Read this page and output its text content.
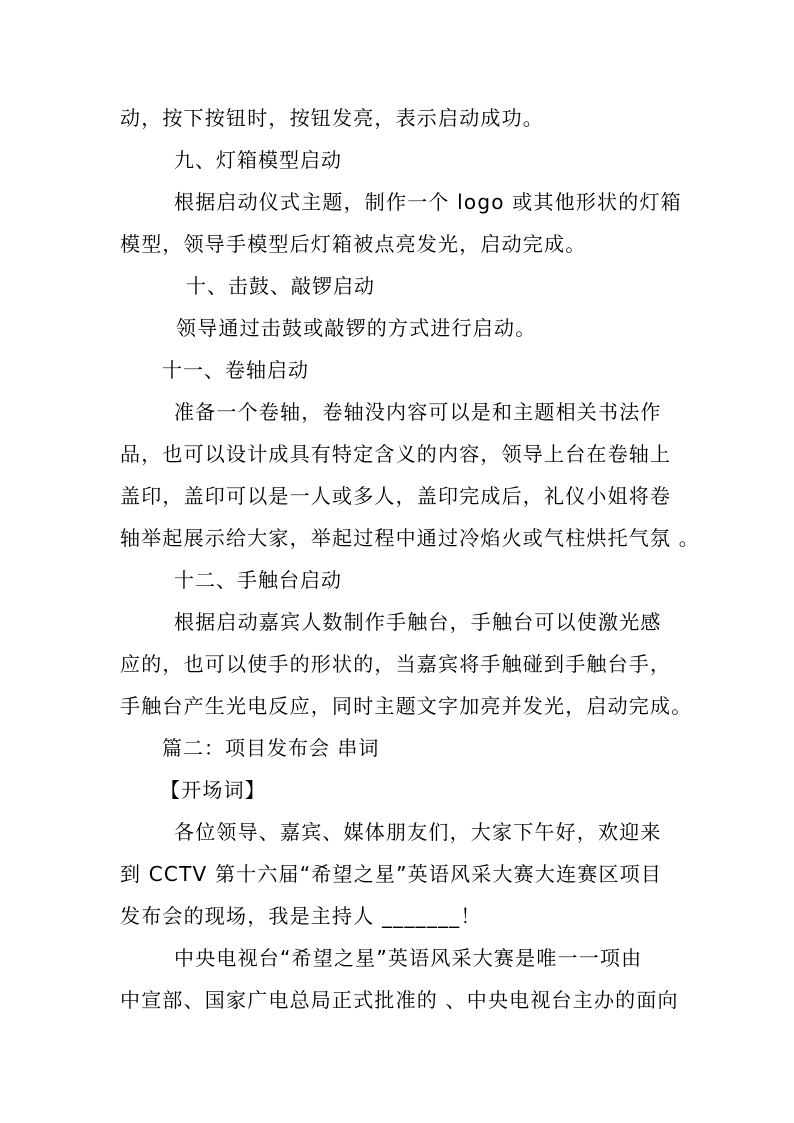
动，按下按钮时，按钮发亮，表示启动成功。

九、灯箱模型启动

根据启动仪式主题，制作一个 logo 或其他形状的灯箱

模型，领导手模型后灯箱被点亮发光，启动完成。

十、击鼓、敲锣启动

领导通过击鼓或敲锣的方式进行启动。

十一、卷轴启动

准备一个卷轴，卷轴没内容可以是和主题相关书法作

品，也可以设计成具有特定含义的内容，领导上台在卷轴上

盖印，盖印可以是一人或多人，盖印完成后，礼仪小姐将卷

轴举起展示给大家，举起过程中通过冷焰火或气柱烘托气氛 。

十二、手触台启动

根据启动嘉宾人数制作手触台，手触台可以使激光感

应的，也可以使手的形状的，当嘉宾将手触碰到手触台手，

手触台产生光电反应，同时主题文字加亮并发光，启动完成。

篇二：项目发布会 串词

【开场词】

各位领导、嘉宾、媒体朋友们，大家下午好，欢迎来

到 CCTV 第十六届“希望之星”英语风采大赛大连赛区项目

发布会的现场，我是主持人 _______！

中央电视台“希望之星”英语风采大赛是唯一一项由

中宣部、国家广电总局正式批准的 、中央电视台主办的面向
